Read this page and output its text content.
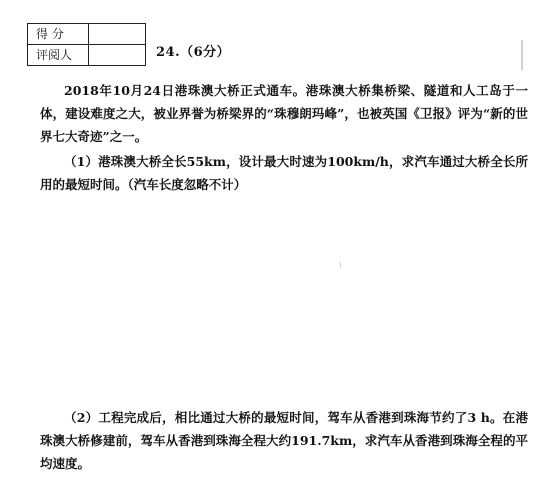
得 分	
评阅人		24.（6分）
2018年10月24日港珠澳大桥正式通车。港珠澳大桥集桥梁、隧道和人工岛于一体，建设难度之大，被业界誉为桥梁界的“珠穆朗玛峰”，也被英国《卫报》评为“新的世界七大奇迹”之一。
（1）港珠澳大桥全长55km，设计最大时速为100km/h，求汽车通过大桥全长所用的最短时间。（汽车长度忽略不计）
（2）工程完成后，相比通过大桥的最短时间，驾车从香港到珠海节约了3 h。在港珠澳大桥修建前，驾车从香港到珠海全程大约191.7km，求汽车从香港到珠海全程的平均速度。
